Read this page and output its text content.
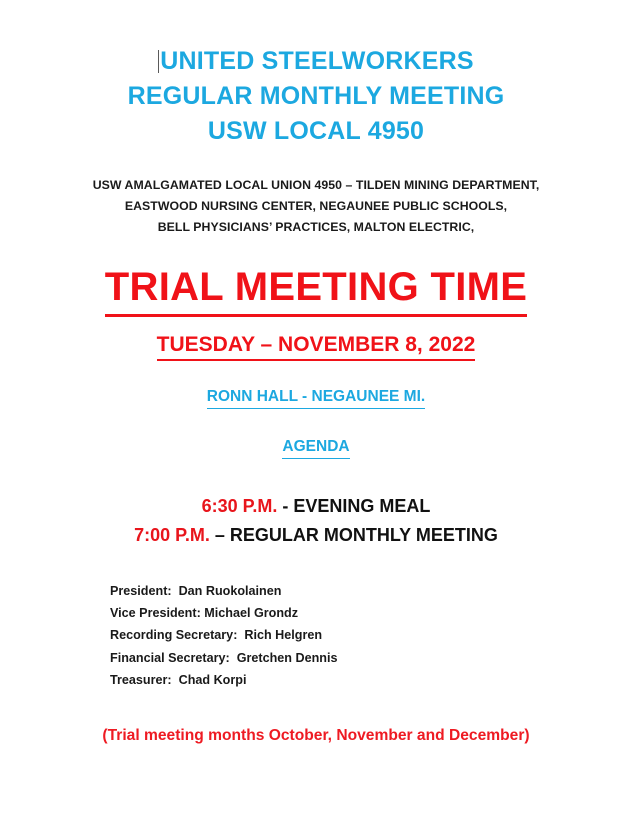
UNITED STEELWORKERS
REGULAR MONTHLY MEETING
USW LOCAL 4950
USW AMALGAMATED LOCAL UNION 4950 – TILDEN MINING DEPARTMENT,
EASTWOOD NURSING CENTER, NEGAUNEE PUBLIC SCHOOLS,
BELL PHYSICIANS’ PRACTICES, MALTON ELECTRIC,
TRIAL MEETING TIME
TUESDAY – NOVEMBER 8, 2022
RONN HALL - NEGAUNEE MI.
AGENDA
6:30 P.M. - EVENING MEAL
7:00 P.M. – REGULAR MONTHLY MEETING
President:  Dan Ruokolainen
Vice President: Michael Grondz
Recording Secretary:  Rich Helgren
Financial Secretary:  Gretchen Dennis
Treasurer:  Chad Korpi
(Trial meeting months October, November and December)
